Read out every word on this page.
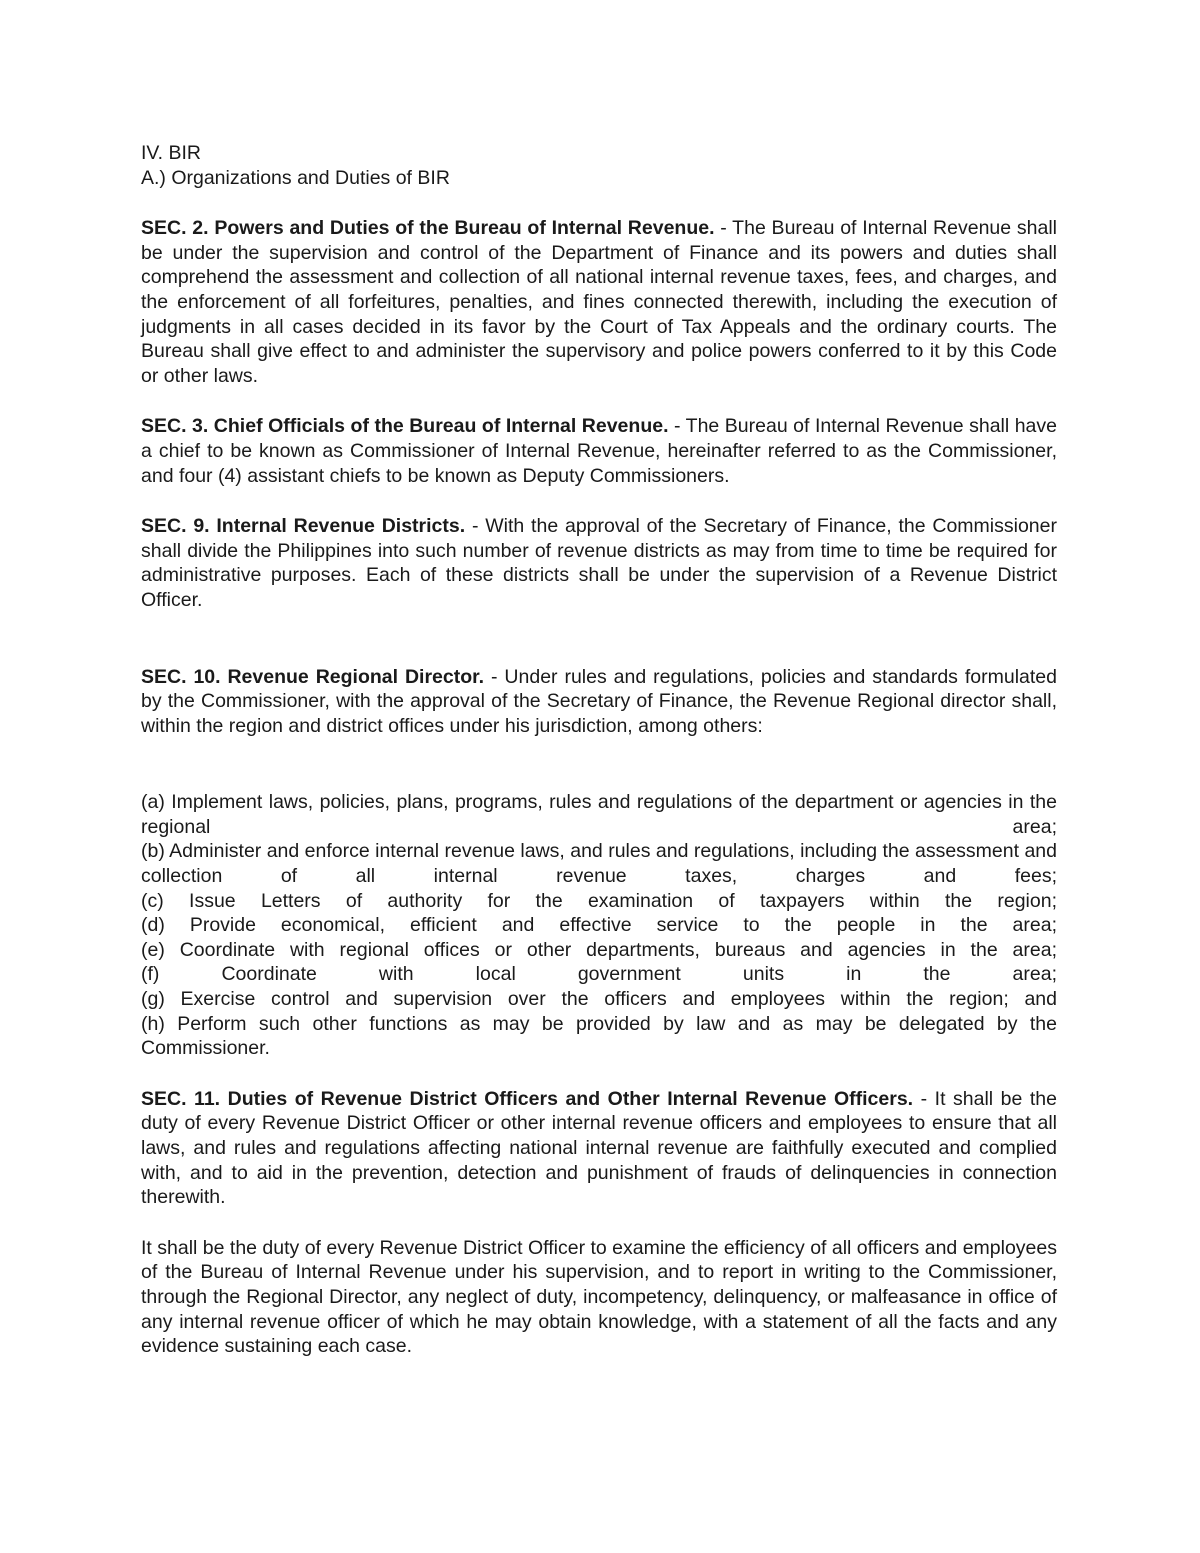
IV. BIR

A.) Organizations and Duties of BIR

SEC. 2. Powers and Duties of the Bureau of Internal Revenue. - The Bureau of Internal Revenue shall be under the supervision and control of the Department of Finance and its powers and duties shall comprehend the assessment and collection of all national internal revenue taxes, fees, and charges, and the enforcement of all forfeitures, penalties, and fines connected therewith, including the execution of judgments in all cases decided in its favor by the Court of Tax Appeals and the ordinary courts. The Bureau shall give effect to and administer the supervisory and police powers conferred to it by this Code or other laws.

SEC. 3. Chief Officials of the Bureau of Internal Revenue. - The Bureau of Internal Revenue shall have a chief to be known as Commissioner of Internal Revenue, hereinafter referred to as the Commissioner, and four (4) assistant chiefs to be known as Deputy Commissioners.

SEC. 9. Internal Revenue Districts. - With the approval of the Secretary of Finance, the Commissioner shall divide the Philippines into such number of revenue districts as may from time to time be required for administrative purposes. Each of these districts shall be under the supervision of a Revenue District Officer.

SEC. 10. Revenue Regional Director. - Under rules and regulations, policies and standards formulated by the Commissioner, with the approval of the Secretary of Finance, the Revenue Regional director shall, within the region and district offices under his jurisdiction, among others:

(a) Implement laws, policies, plans, programs, rules and regulations of the department or agencies in the regional area;

(b) Administer and enforce internal revenue laws, and rules and regulations, including the assessment and collection of all internal revenue taxes, charges and fees;

(c) Issue Letters of authority for the examination of taxpayers within the region;

(d) Provide economical, efficient and effective service to the people in the area;

(e) Coordinate with regional offices or other departments, bureaus and agencies in the area;

(f) Coordinate with local government units in the area;

(g) Exercise control and supervision over the officers and employees within the region; and

(h) Perform such other functions as may be provided by law and as may be delegated by the Commissioner.

SEC. 11. Duties of Revenue District Officers and Other Internal Revenue Officers. - It shall be the duty of every Revenue District Officer or other internal revenue officers and employees to ensure that all laws, and rules and regulations affecting national internal revenue are faithfully executed and complied with, and to aid in the prevention, detection and punishment of frauds of delinquencies in connection therewith.

It shall be the duty of every Revenue District Officer to examine the efficiency of all officers and employees of the Bureau of Internal Revenue under his supervision, and to report in writing to the Commissioner, through the Regional Director, any neglect of duty, incompetency, delinquency, or malfeasance in office of any internal revenue officer of which he may obtain knowledge, with a statement of all the facts and any evidence sustaining each case.
